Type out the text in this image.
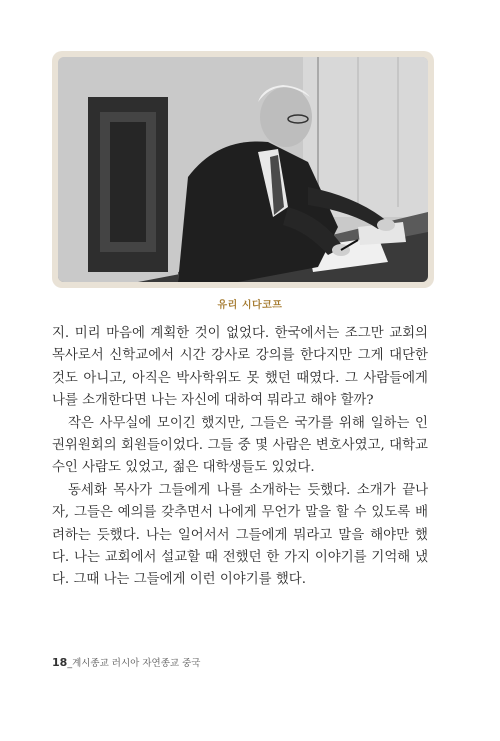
유리 시다코프

지. 미리 마음에 계획한 것이 없었다. 한국에서는 조그만 교회의 목사로서 신학교에서 시간 강사로 강의를 한다지만 그게 대단한 것도 아니고, 아직은 박사학위도 못 했던 때였다. 그 사람들에게 나를 소개한다면 나는 자신에 대하여 뭐라고 해야 할까?

작은 사무실에 모이긴 했지만, 그들은 국가를 위해 일하는 인권위원회의 회원들이었다. 그들 중 몇 사람은 변호사였고, 대학교수인 사람도 있었고, 젊은 대학생들도 있었다.

동세화 목사가 그들에게 나를 소개하는 듯했다. 소개가 끝나자, 그들은 예의를 갖추면서 나에게 무언가 말을 할 수 있도록 배려하는 듯했다. 나는 일어서서 그들에게 뭐라고 말을 해야만 했다. 나는 교회에서 설교할 때 전했던 한 가지 이야기를 기억해 냈다. 그때 나는 그들에게 이런 이야기를 했다.

18_계시종교 러시아 자연종교 중국
